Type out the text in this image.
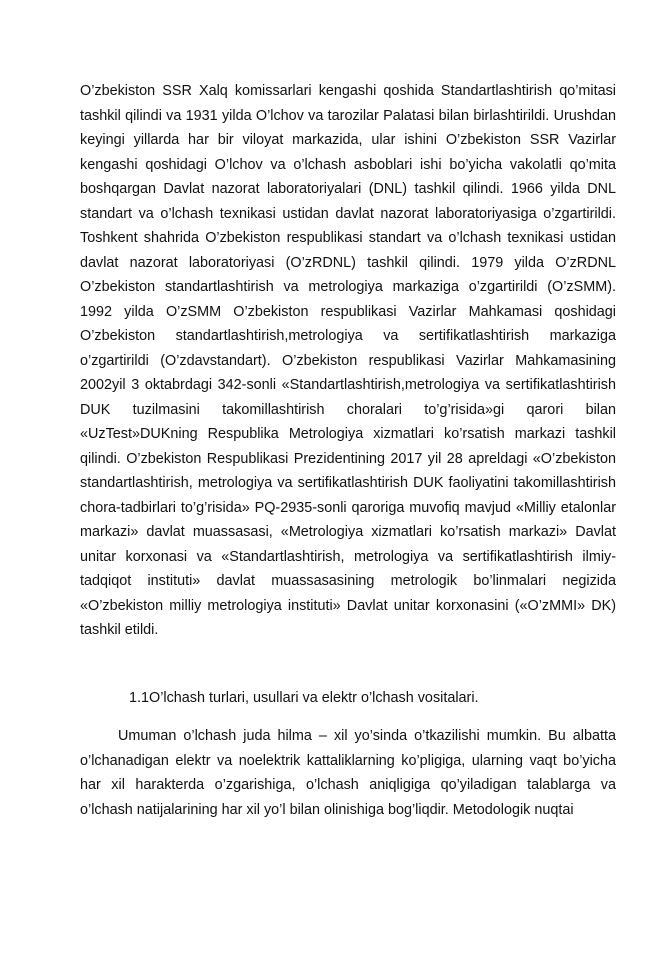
O’zbekiston SSR Xalq komissarlari kengashi qoshida Standartlashtirish qo’mitasi tashkil qilindi va 1931 yilda O’lchov va tarozilar Palatasi bilan birlashtirildi. Urushdan keyingi yillarda har bir viloyat markazida, ular ishini O’zbekiston SSR Vazirlar kengashi qoshidagi O’lchov va o’lchash asboblari ishi bo’yicha vakolatli qo’mita boshqargan Davlat nazorat laboratoriyalari (DNL) tashkil qilindi. 1966 yilda DNL standart va o’lchash texnikasi ustidan davlat nazorat laboratoriyasiga o’zgartirildi. Toshkent shahrida O’zbekiston respublikasi standart va o’lchash texnikasi ustidan davlat nazorat laboratoriyasi (O’zRDNL) tashkil qilindi. 1979 yilda O’zRDNL O’zbekiston standartlashtirish va metrologiya markaziga o’zgartirildi (O’zSMM). 1992 yilda O’zSMM O’zbekiston respublikasi Vazirlar Mahkamasi qoshidagi O’zbekiston standartlashtirish,metrologiya va sertifikatlashtirish markaziga o’zgartirildi (O’zdavstandart). O’zbekiston respublikasi Vazirlar Mahkamasining 2002yil 3 oktabrdagi 342-sonli «Standartlashtirish,metrologiya va sertifikatlashtirish DUK tuzilmasini takomillashtirish choralari to’g’risida»gi qarori bilan «UzTest»DUKning Respublika Metrologiya xizmatlari ko’rsatish markazi tashkil qilindi. O’zbekiston Respublikasi Prezidentining 2017 yil 28 apreldagi «O’zbekiston standartlashtirish, metrologiya va sertifikatlashtirish DUK faoliyatini takomillashtirish chora-tadbirlari to’g’risida» PQ-2935-sonli qaroriga muvofiq mavjud «Milliy etalonlar markazi» davlat muassasasi, «Metrologiya xizmatlari ko’rsatish markazi» Davlat unitar korxonasi va «Standartlashtirish, metrologiya va sertifikatlashtirish ilmiy-tadqiqot instituti» davlat muassasasining metrologik bo’linmalari negizida «O’zbekiston milliy metrologiya instituti» Davlat unitar korxonasini («O’zMMI» DK) tashkil etildi.

1.1O’lchash turlari, usullari va elektr o’lchash vositalari.

Umuman o’lchash juda hilma – xil yo’sinda o’tkazilishi mumkin. Bu albatta o’lchanadigan elektr va noelektrik kattaliklarning ko’pligiga, ularning vaqt bo’yicha har xil harakterda o’zgarishiga, o’lchash aniqligiga qo’yiladigan talablarga va o’lchash natijalarining har xil yo’l bilan olinishiga bog’liqdir. Metodologik nuqtai
